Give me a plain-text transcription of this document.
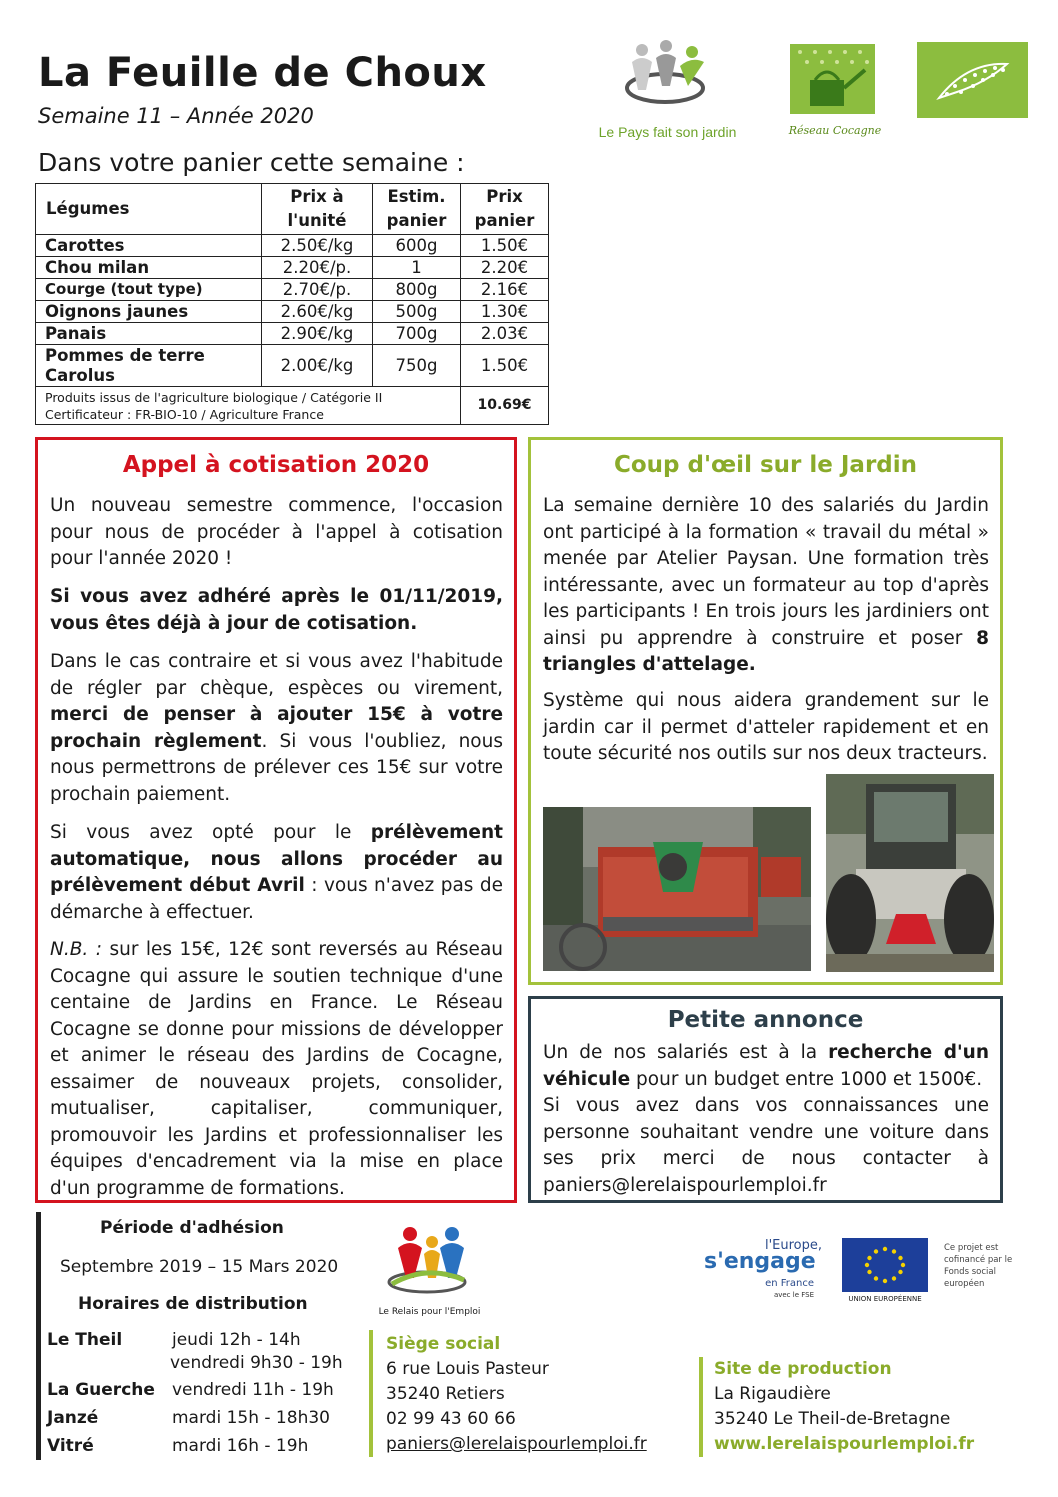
La Feuille de Choux
Semaine 11 – Année 2020
Dans votre panier cette semaine :
Le Pays fait son jardin	Réseau Cocagne
Légumes	Prix à l'unité	Estim. panier	Prix panier

Carottes	2.50€/kg	600g	1.50€
Chou milan	2.20€/p.	1	2.20€
Courge (tout type)	2.70€/p.	800g	2.16€
Oignons jaunes	2.60€/kg	500g	1.30€
Panais	2.90€/kg	700g	2.03€
Pommes de terre Carolus	2.00€/kg	750g	1.50€

Produits issus de l'agriculture biologique / Catégorie II
Certificateur : FR-BIO-10 / Agriculture France			10.69€
Appel à cotisation 2020
Un nouveau semestre commence, l'occasion pour nous de procéder à l'appel à cotisation pour l'année 2020 !
Si vous avez adhéré après le 01/11/2019, vous êtes déjà à jour de cotisation.
Dans le cas contraire et si vous avez l'habitude de régler par chèque, espèces ou virement, merci de penser à ajouter 15€ à votre prochain règlement. Si vous l'oubliez, nous nous permettrons de prélever ces 15€ sur votre prochain paiement.
Si vous avez opté pour le prélèvement automatique, nous allons procéder au prélèvement début Avril : vous n'avez pas de démarche à effectuer.
N.B. : sur les 15€, 12€ sont reversés au Réseau Cocagne qui assure le soutien technique d'une centaine de Jardins en France. Le Réseau Cocagne se donne pour missions de développer et animer le réseau des Jardins de Cocagne, essaimer de nouveaux projets, consolider, mutualiser, capitaliser, communiquer, promouvoir les Jardins et professionnaliser les équipes d'encadrement via la mise en place d'un programme de formations.
Coup d'œil sur le Jardin
La semaine dernière 10 des salariés du Jardin ont participé à la formation « travail du métal » menée par Atelier Paysan. Une formation très intéressante, avec un formateur au top d'après les participants ! En trois jours les jardiniers ont ainsi pu apprendre à construire et poser 8 triangles d'attelage.
Système qui nous aidera grandement sur le jardin car il permet d'atteler rapidement et en toute sécurité nos outils sur nos deux tracteurs.
Petite annonce
Un de nos salariés est à la recherche d'un véhicule pour un budget entre 1000 et 1500€.
Si vous avez dans vos connaissances une personne souhaitant vendre une voiture dans ses prix merci de nous contacter à paniers@lerelaispourlemploi.fr
Période d'adhésion
Septembre 2019 – 15 Mars 2020
Horaires de distribution
Le Theil	jeudi 12h - 14h
vendredi 9h30 - 19h
La Guerche vendredi 11h - 19h
Janzé	mardi 15h - 18h30
Vitré	mardi 16h - 19h
Le Relais pour l'Emploi
Siège social
6 rue Louis Pasteur
35240 Retiers
02 99 43 60 66
paniers@lerelaispourlemploi.fr
Site de production
La Rigaudière
35240 Le Theil-de-Bretagne
www.lerelaispourlemploi.fr
l'Europe,
s'engage
en France
avec le FSE	UNION EUROPÉENNE
Ce projet est cofinancé par le Fonds social européen
